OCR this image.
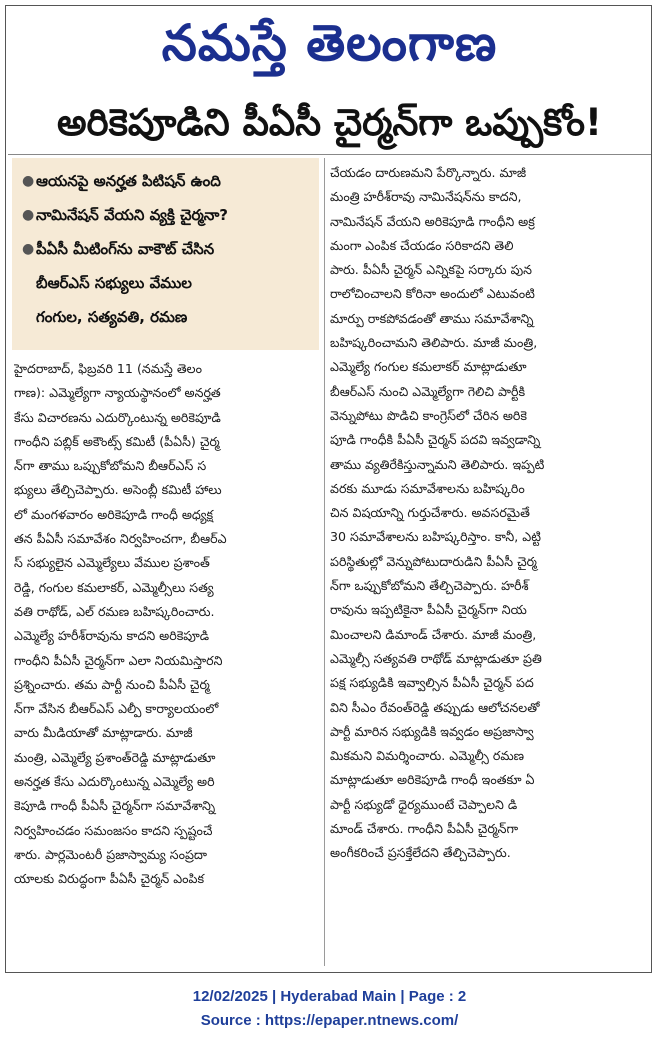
నమస్తే తెలంగాణ
అరికెపూడిని పీఏసీ చైర్మన్‌గా ఒప్పుకోం!
● ఆయనపై అనర్హత పిటిషన్ ఉంది
● నామినేషన్ వేయని వ్యక్తి చైర్మనా?
● పీఏసీ మీటింగ్‌ను వాకౌట్ చేసిన
బీఆర్‌ఎస్ సభ్యులు వేముల
గంగుల, సత్యవతి, రమణ
హైదరాబాద్, ఫిబ్రవరి 11 (నమస్తే తెలం
గాణ): ఎమ్మెల్యేగా న్యాయస్థానంలో అనర్హత
కేసు విచారణను ఎదుర్కొంటున్న అరికెపూడి
గాంధీని పబ్లిక్ అకౌంట్స్ కమిటీ (పీఏసీ) చైర్మ
న్‌గా తాము ఒప్పుకోబోమని బీఆర్‌ఎస్ స
భ్యులు తేల్చిచెప్పారు. అసెంబ్లీ కమిటీ హాలు
లో మంగళవారం అరికెపూడి గాంధీ అధ్యక్ష
తన పీఏసీ సమావేశం నిర్వహించగా, బీఆర్‌ఎ
స్ సభ్యులైన ఎమ్మెల్యేలు వేముల ప్రశాంత్
రెడ్డి, గంగుల కమలాకర్, ఎమ్మెల్సీలు సత్య
వతి రాథోడ్, ఎల్ రమణ బహిష్కరించారు.
ఎమ్మెల్యే హరీశ్‌రావును కాదని అరికెపూడి
గాంధీని పీఏసీ చైర్మన్‌గా ఎలా నియమిస్తారని
ప్రశ్నించారు. తమ పార్టీ నుంచి పీఏసీ చైర్మ
న్‌గా వేసిన బీఆర్‌ఎస్ ఎల్పీ కార్యాలయంలో
వారు మీడియాతో మాట్లాడారు. మాజీ
మంత్రి, ఎమ్మెల్యే ప్రశాంత్‌రెడ్డి మాట్లాడుతూ
అనర్హత కేసు ఎదుర్కొంటున్న ఎమ్మెల్యే అరి
కెపూడి గాంధీ పీఏసీ చైర్మన్‌గా సమావేశాన్ని
నిర్వహించడం సమంజసం కాదని స్పష్టంచే
శారు. పార్లమెంటరీ ప్రజాస్వామ్య సంప్రదా
యాలకు విరుద్ధంగా పీఏసీ చైర్మన్ ఎంపిక
చేయడం దారుణమని పేర్కొన్నారు. మాజీ
మంత్రి హరీశ్‌రావు నామినేషన్‌ను కాదని,
నామినేషన్ వేయని అరికెపూడి గాంధీని అక్ర
మంగా ఎంపిక చేయడం సరికాదని తెలి
పారు. పీఏసీ చైర్మన్ ఎన్నికపై సర్కారు పున
రాలోచించాలని కోరినా అందులో ఎటువంటి
మార్పు రాకపోవడంతో తాము సమావేశాన్ని
బహిష్కరించామని తెలిపారు. మాజీ మంత్రి,
ఎమ్మెల్యే గంగుల కమలాకర్ మాట్లాడుతూ
బీఆర్‌ఎస్ నుంచి ఎమ్మెల్యేగా గెలిచి పార్టీకి
వెన్నుపోటు పొడిచి కాంగ్రెస్‌లో చేరిన అరికె
పూడి గాంధీకి పీఏసీ చైర్మన్ పదవి ఇవ్వడాన్ని
తాము వ్యతిరేకిస్తున్నామని తెలిపారు. ఇప్పటి
వరకు మూడు సమావేశాలను బహిష్కరిం
చిన విషయాన్ని గుర్తుచేశారు. అవసరమైతే
30 సమావేశాలను బహిష్కరిస్తాం. కానీ, ఎట్టి
పరిస్థితుల్లో వెన్నుపోటుదారుడిని పీఏసీ చైర్మ
న్‌గా ఒప్పుకోబోమని తేల్చిచెప్పారు. హరీశ్
రావును ఇప్పటికైనా పీఏసీ చైర్మన్‌గా నియ
మించాలని డిమాండ్ చేశారు. మాజీ మంత్రి,
ఎమ్మెల్సీ సత్యవతి రాథోడ్ మాట్లాడుతూ ప్రతి
పక్ష సభ్యుడికి ఇవ్వాల్సిన పీఏసీ చైర్మన్ పద
విని సీఎం రేవంత్‌రెడ్డి తప్పుడు ఆలోచనలతో
పార్టీ మారిన సభ్యుడికి ఇవ్వడం అప్రజాస్వా
మికమని విమర్శించారు. ఎమ్మెల్సీ రమణ
మాట్లాడుతూ అరికెపూడి గాంధీ ఇంతకూ ఏ
పార్టీ సభ్యుడో ధైర్యముంటే చెప్పాలని డి
మాండ్ చేశారు. గాంధీని పీఏసీ చైర్మన్‌గా
అంగీకరించే ప్రసక్తేలేదని తేల్చిచెప్పారు.
12/02/2025 | Hyderabad Main | Page : 2
Source : https://epaper.ntnews.com/
